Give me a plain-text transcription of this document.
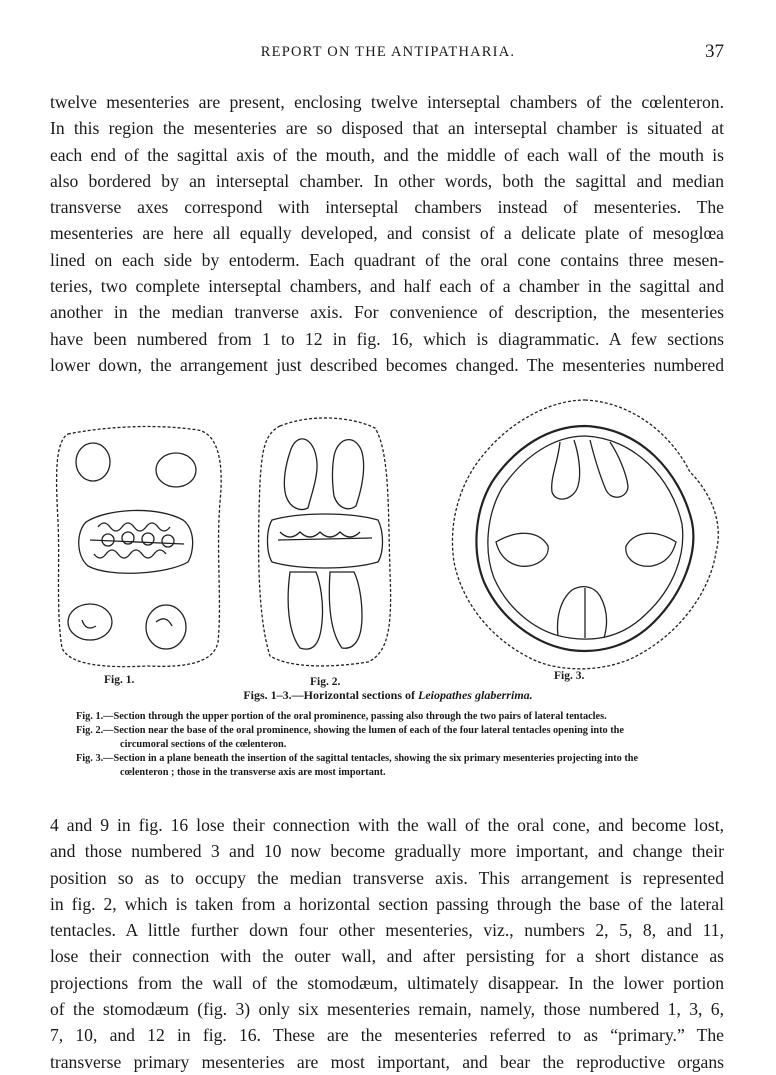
REPORT ON THE ANTIPATHARIA.	37
twelve mesenteries are present, enclosing twelve interseptal chambers of the cœlenteron.
In this region the mesenteries are so disposed that an interseptal chamber is situated at
each end of the sagittal axis of the mouth, and the middle of each wall of the mouth is
also bordered by an interseptal chamber. In other words, both the sagittal and median
transverse axes correspond with interseptal chambers instead of mesenteries. The
mesenteries are here all equally developed, and consist of a delicate plate of mesoglœa
lined on each side by entoderm. Each quadrant of the oral cone contains three mesen-
teries, two complete interseptal chambers, and half each of a chamber in the sagittal and
another in the median tranverse axis. For convenience of description, the mesenteries
have been numbered from 1 to 12 in fig. 16, which is diagrammatic. A few sections
lower down, the arrangement just described becomes changed. The mesenteries numbered
Fig. 1.	Fig. 2.	Fig. 3.
Figs. 1–3.—Horizontal sections of Leiopathes glaberrima.
Fig. 1.—Section through the upper portion of the oral prominence, passing also through the two pairs of lateral tentacles.
Fig. 2.—Section near the base of the oral prominence, showing the lumen of each of the four lateral tentacles opening into the
circumoral sections of the cœlenteron.
Fig. 3.—Section in a plane beneath the insertion of the sagittal tentacles, showing the six primary mesenteries projecting into the
cœlenteron ; those in the transverse axis are most important.
4 and 9 in fig. 16 lose their connection with the wall of the oral cone, and become lost,
and those numbered 3 and 10 now become gradually more important, and change their
position so as to occupy the median transverse axis. This arrangement is represented
in fig. 2, which is taken from a horizontal section passing through the base of the lateral
tentacles. A little further down four other mesenteries, viz., numbers 2, 5, 8, and 11,
lose their connection with the outer wall, and after persisting for a short distance as
projections from the wall of the stomodæum, ultimately disappear. In the lower portion
of the stomodæum (fig. 3) only six mesenteries remain, namely, those numbered 1, 3, 6,
7, 10, and 12 in fig. 16. These are the mesenteries referred to as “primary.” The
transverse primary mesenteries are most important, and bear the reproductive organs
